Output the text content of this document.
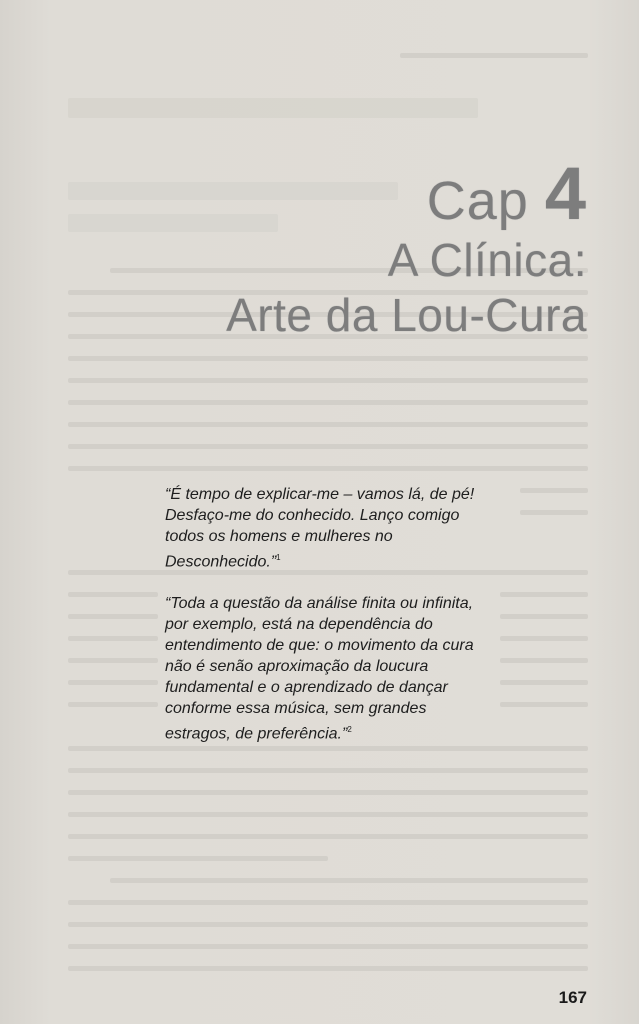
Cap 4
A Clínica:
Arte da Lou-Cura

“É tempo de explicar-me – vamos lá, de pé! Desfaço-me do conhecido. Lanço comigo todos os homens e mulheres no Desconhecido.”$^1$

“Toda a questão da análise finita ou infinita, por exemplo, está na dependência do entendimento de que: o movimento da cura não é senão aproximação da loucura fundamental e o aprendizado de dançar conforme essa música, sem grandes estragos, de preferência.”$^2$

167
